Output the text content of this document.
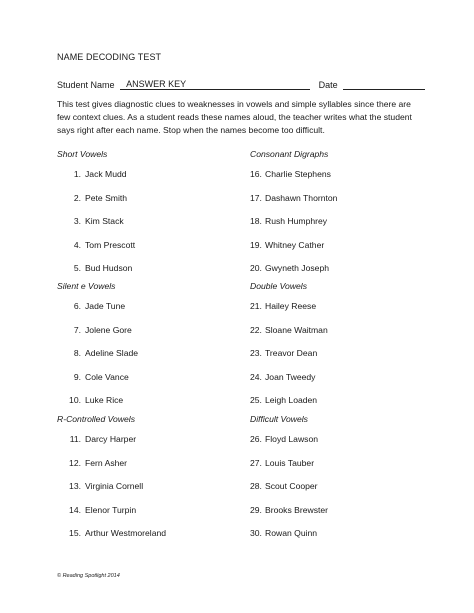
NAME DECODING TEST
Student Name ANSWER KEY	Date
This test gives diagnostic clues to weaknesses in vowels and simple syllables since there are few context clues. As a student reads these names aloud, the teacher writes what the student says right after each name. Stop when the names become too difficult.
Short Vowels
1. Jack Mudd
2. Pete Smith
3. Kim Stack
4. Tom Prescott
5. Bud Hudson
Silent e Vowels
6. Jade Tune
7. Jolene Gore
8. Adeline Slade
9. Cole Vance
10. Luke Rice
R-Controlled Vowels
11. Darcy Harper
12. Fern Asher
13. Virginia Cornell
14. Elenor Turpin
15. Arthur Westmoreland
Consonant Digraphs
16. Charlie Stephens
17. Dashawn Thornton
18. Rush Humphrey
19. Whitney Cather
20. Gwyneth Joseph
Double Vowels
21. Hailey Reese
22. Sloane Waitman
23. Treavor Dean
24. Joan Tweedy
25. Leigh Loaden
Difficult Vowels
26. Floyd Lawson
27. Louis Tauber
28. Scout Cooper
29. Brooks Brewster
30. Rowan Quinn
© Reading Spotlight 2014
